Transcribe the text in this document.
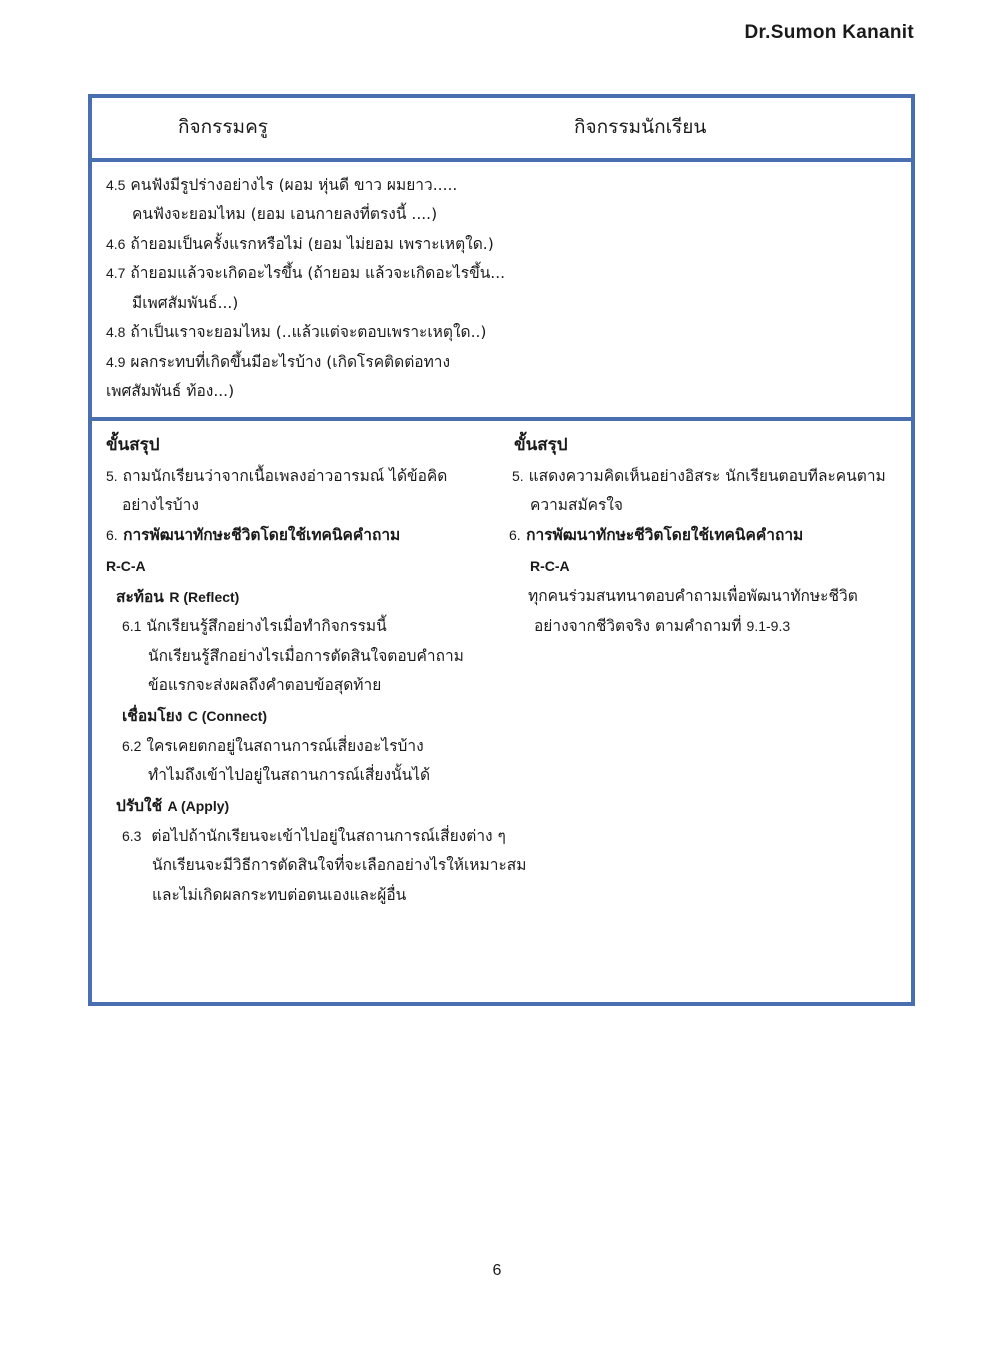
Dr.Sumon Kananit
กิจกรรมครู	กิจกรรมนักเรียน
4.5 คนฟังมีรูปร่างอย่างไร (ผอม หุ่นดี ขาว ผมยาว.....
คนฟังจะยอมไหม (ยอม เอนกายลงที่ตรงนี้ ....)
4.6 ถ้ายอมเป็นครั้งแรกหรือไม่ (ยอม ไม่ยอม เพราะเหตุใด.)
4.7 ถ้ายอมแล้วจะเกิดอะไรขึ้น (ถ้ายอม แล้วจะเกิดอะไรขึ้น...
มีเพศสัมพันธ์...)
4.8 ถ้าเป็นเราจะยอมไหม (..แล้วแต่จะตอบเพราะเหตุใด..)
4.9 ผลกระทบที่เกิดขึ้นมีอะไรบ้าง (เกิดโรคติดต่อทาง
เพศสัมพันธ์ ท้อง...)
ขั้นสรุป
5. ถามนักเรียนว่าจากเนื้อเพลงอ่าวอารมณ์ ได้ข้อคิด
อย่างไรบ้าง
6. การพัฒนาทักษะชีวิตโดยใช้เทคนิคคำถาม
R-C-A
สะท้อน R (Reflect)
6.1 นักเรียนรู้สึกอย่างไรเมื่อทำกิจกรรมนี้
นักเรียนรู้สึกอย่างไรเมื่อการตัดสินใจตอบคำถาม
ข้อแรกจะส่งผลถึงคำตอบข้อสุดท้าย
เชื่อมโยง C (Connect)
6.2 ใครเคยตกอยู่ในสถานการณ์เสี่ยงอะไรบ้าง
ทำไมถึงเข้าไปอยู่ในสถานการณ์เสี่ยงนั้นได้
ปรับใช้ A (Apply)
6.3 ต่อไปถ้านักเรียนจะเข้าไปอยู่ในสถานการณ์เสี่ยงต่าง ๆ
นักเรียนจะมีวิธีการตัดสินใจที่จะเลือกอย่างไรให้เหมาะสม
และไม่เกิดผลกระทบต่อตนเองและผู้อื่น
ขั้นสรุป
5. แสดงความคิดเห็นอย่างอิสระ นักเรียนตอบทีละคนตาม
ความสมัครใจ
6. การพัฒนาทักษะชีวิตโดยใช้เทคนิคคำถาม
R-C-A
ทุกคนร่วมสนทนาตอบคำถามเพื่อพัฒนาทักษะชีวิต
อย่างจากชีวิตจริง ตามคำถามที่ 9.1-9.3
6
